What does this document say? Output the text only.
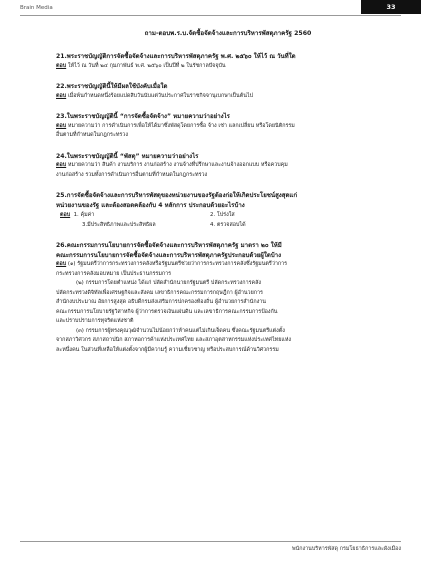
Brain Media	33
ถาม-ตอบพ.ร.บ.จัดซื้อจัดจ้างและการบริหารพัสดุภาครัฐ 2560
21.พระราชบัญญัติการจัดซื้อจัดจ้างและการบริหารพัสดุภาครัฐ พ.ศ. ๒๕๖๐ ให้ไว้ ณ วันที่ใด
ตอบ ให้ไว้ ณ วันที่ ๒๔ กุมภาพันธ์ พ.ศ. ๒๕๖๐ เป็นปีที่ ๒ ในรัชกาลปัจจุบัน
22.พระราชบัญญัตินี้ให้มีผลใช้บังคับเมื่อใด
ตอบ เมื่อพ้นกำหนดหนึ่งร้อยแปดสิบวันนับแต่วันประกาศในราชกิจจานุเบกษาเป็นต้นไป
23.ในพระราชบัญญัตินี้ “การจัดซื้อจัดจ้าง” หมายความว่าอย่างไร
ตอบ หมายความว่า การดำเนินการเพื่อให้ได้มาซึ่งพัสดุโดยการซื้อ จ้าง เช่า แลกเปลี่ยน หรือโดยนิติกรรม
อื่นตามที่กำหนดในกฎกระทรวง
24.ในพระราชบัญญัตินี้ “พัสดุ” หมายความว่าอย่างไร
ตอบ หมายความว่า สินค้า งานบริการ งานก่อสร้าง งานจ้างที่ปรึกษาและงานจ้างออกแบบ หรือควบคุม
งานก่อสร้าง รวมทั้งการดำเนินการอื่นตามที่กำหนดในกฎกระทรวง
25.การจัดซื้อจัดจ้างและการบริหารพัสดุของหน่วยงานของรัฐต้องก่อให้เกิดประโยชน์สูงสุดแก่
หน่วยงานของรัฐ และต้องสอดคล้องกับ 4 หลักการ ประกอบด้วยอะไรบ้าง
ตอบ 1. คุ้มค่า	2. โปร่งใส
3.มีประสิทธิภาพและประสิทธิผล	4. ตรวจสอบได้
26.คณะกรรมการนโยบายการจัดซื้อจัดจ้างและการบริหารพัสดุภาครัฐ มาตรา ๒๐ ให้มี
คณะกรรมการนโยบายการจัดซื้อจัดจ้างและการบริหารพัสดุภาครัฐประกอบด้วยผู้ใดบ้าง
ตอบ (๑) รัฐมนตรีว่าการกระทรวงการคลังหรือรัฐมนตรีช่วยว่าการกระทรวงการคลังซึ่งรัฐมนตรีว่าการ
กระทรวงการคลังมอบหมาย เป็นประธานกรรมการ
(๒) กรรมการโดยตำแหน่ง ได้แก่ ปลัดสำนักนายกรัฐมนตรี ปลัดกระทรวงการคลัง
ปลัดกระทรวงดิจิทัลเพื่อเศรษฐกิจและสังคม เลขาธิการคณะกรรมการกฤษฎีกา ผู้อำนวยการ
สำนักงบประมาณ อัยการสูงสุด อธิบดีกรมส่งเสริมการปกครองท้องถิ่น ผู้อำนวยการสำนักงาน
คณะกรรมการนโยบายรัฐวิสาหกิจ ผู้ว่าการตรวจเงินแผ่นดิน และเลขาธิการคณะกรรมการป้องกัน
และปราบปรามการทุจริตแห่งชาติ
(๓) กรรมการผู้ทรงคุณวุฒิจำนวนไม่น้อยกว่าห้าคนแต่ไม่เกินเจ็ดคน ซึ่งคณะรัฐมนตรีแต่งตั้ง
จากสภาวิศวกร สภาสถาปนิก สภาหอการค้าแห่งประเทศไทย และสภาอุตสาหกรรมแห่งประเทศไทยแห่ง
ละหนึ่งคน ในส่วนที่เหลือให้แต่งตั้งจากผู้มีความรู้ ความเชี่ยวชาญ หรือประสบการณ์ด้านวิศวกรรม
พนักงานบริหารพัสดุ กรมโยธาธิการและผังเมือง
